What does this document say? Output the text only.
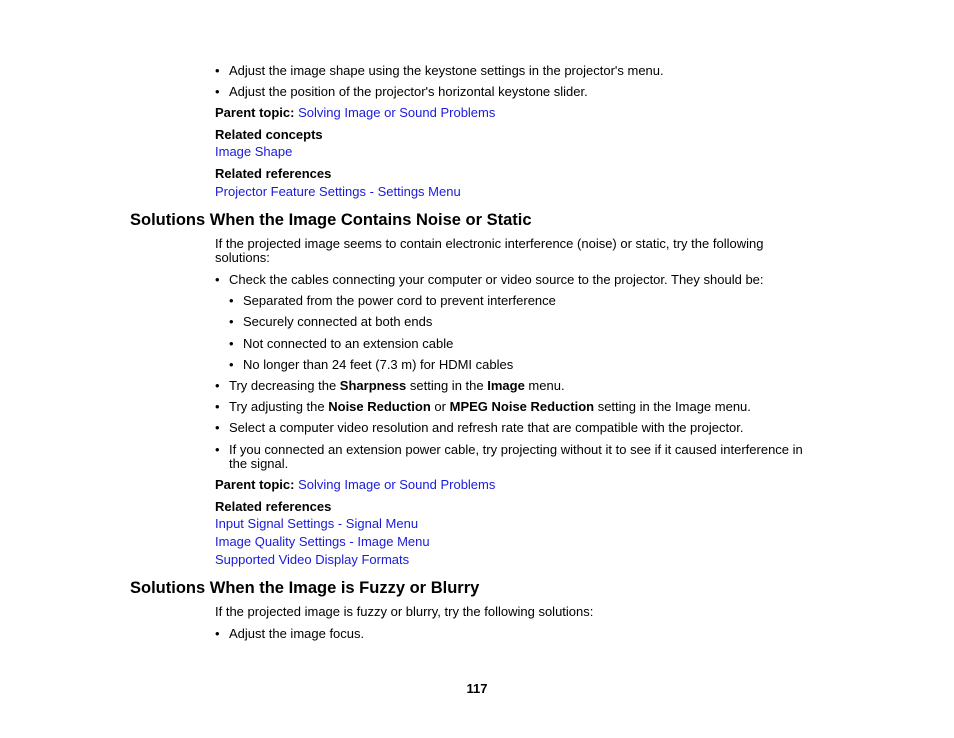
• Adjust the image shape using the keystone settings in the projector's menu.
• Adjust the position of the projector's horizontal keystone slider.
Parent topic: Solving Image or Sound Problems
Related concepts
Image Shape
Related references
Projector Feature Settings - Settings Menu
Solutions When the Image Contains Noise or Static
If the projected image seems to contain electronic interference (noise) or static, try the following
solutions:
• Check the cables connecting your computer or video source to the projector. They should be:
• Separated from the power cord to prevent interference
• Securely connected at both ends
• Not connected to an extension cable
• No longer than 24 feet (7.3 m) for HDMI cables
• Try decreasing the Sharpness setting in the Image menu.
• Try adjusting the Noise Reduction or MPEG Noise Reduction setting in the Image menu.
• Select a computer video resolution and refresh rate that are compatible with the projector.
• If you connected an extension power cable, try projecting without it to see if it caused interference in
the signal.
Parent topic: Solving Image or Sound Problems
Related references
Input Signal Settings - Signal Menu
Image Quality Settings - Image Menu
Supported Video Display Formats
Solutions When the Image is Fuzzy or Blurry
If the projected image is fuzzy or blurry, try the following solutions:
• Adjust the image focus.
117
